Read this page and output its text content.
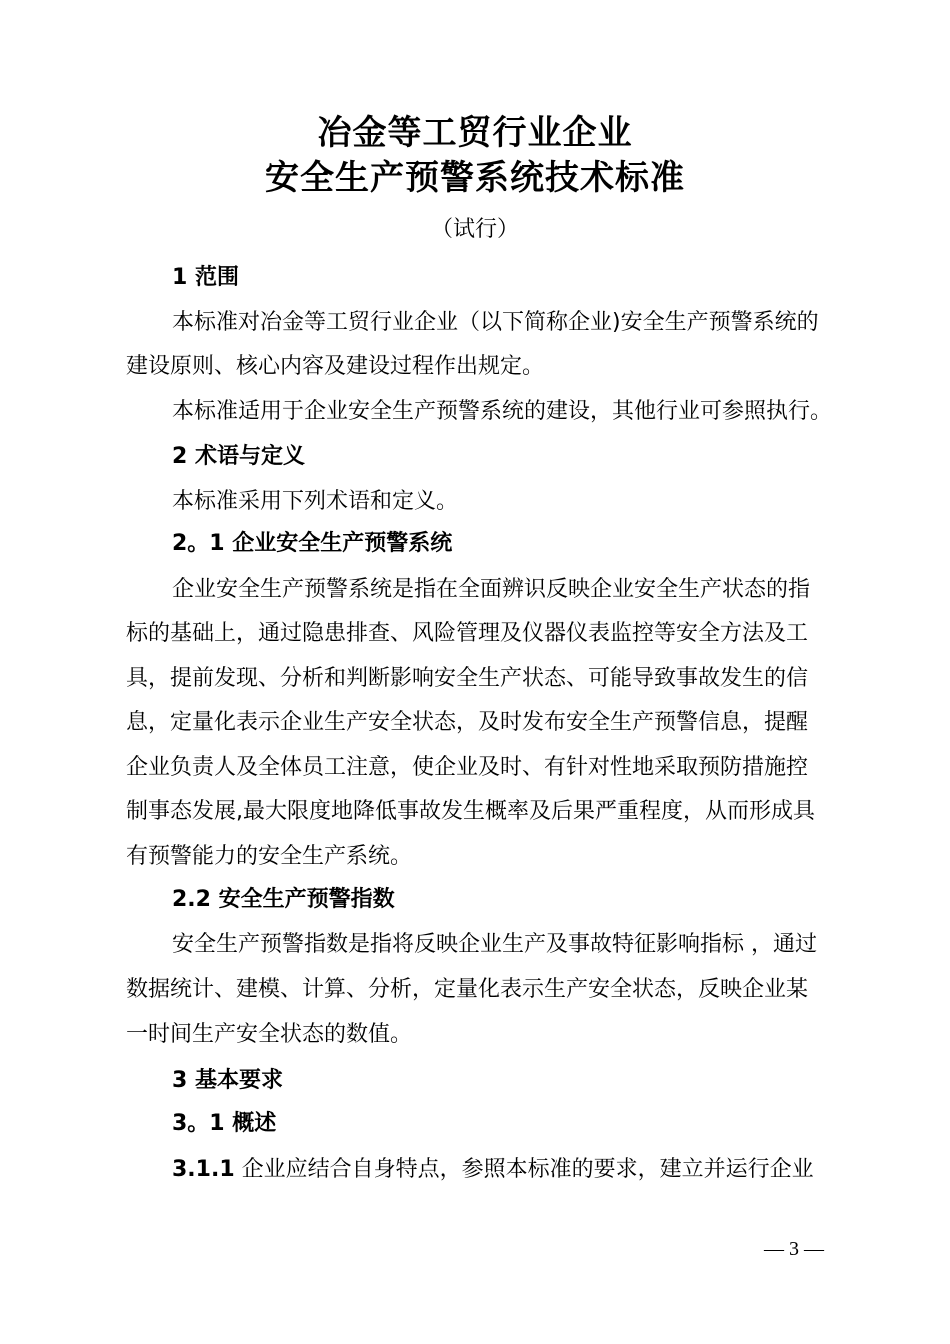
冶金等工贸行业企业
安全生产预警系统技术标准
（试行）
1 范围
本标准对冶金等工贸行业企业（以下简称企业)安全生产预警系统的
建设原则、核心内容及建设过程作出规定。
本标准适用于企业安全生产预警系统的建设，其他行业可参照执行。
2 术语与定义
本标准采用下列术语和定义。
2。1 企业安全生产预警系统
企业安全生产预警系统是指在全面辨识反映企业安全生产状态的指
标的基础上，通过隐患排查、风险管理及仪器仪表监控等安全方法及工
具，提前发现、分析和判断影响安全生产状态、可能导致事故发生的信
息，定量化表示企业生产安全状态，及时发布安全生产预警信息，提醒
企业负责人及全体员工注意，使企业及时、有针对性地采取预防措施控
制事态发展,最大限度地降低事故发生概率及后果严重程度，从而形成具
有预警能力的安全生产系统。
2.2 安全生产预警指数
安全生产预警指数是指将反映企业生产及事故特征影响指标 ，通过
数据统计、建模、计算、分析，定量化表示生产安全状态，反映企业某
一时间生产安全状态的数值。
3 基本要求
3。1 概述
3.1.1 企业应结合自身特点，参照本标准的要求，建立并运行企业
— 3 —
